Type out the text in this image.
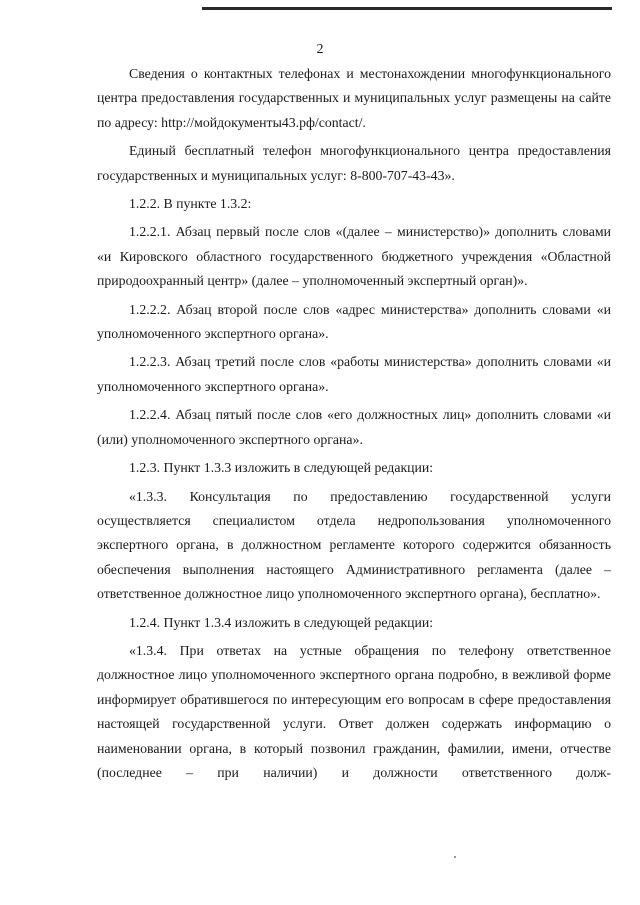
2

Сведения о контактных телефонах и местонахождении многофункционального центра предоставления государственных и муниципальных услуг размещены на сайте по адресу: http://мойдокументы43.рф/contact/.

Единый бесплатный телефон многофункционального центра предоставления государственных и муниципальных услуг: 8-800-707-43-43».

1.2.2. В пункте 1.3.2:

1.2.2.1. Абзац первый после слов «(далее – министерство)» дополнить словами «и Кировского областного государственного бюджетного учреждения «Областной природоохранный центр» (далее – уполномоченный экспертный орган)».

1.2.2.2. Абзац второй после слов «адрес министерства» дополнить словами «и уполномоченного экспертного органа».

1.2.2.3. Абзац третий после слов «работы министерства» дополнить словами «и уполномоченного экспертного органа».

1.2.2.4. Абзац пятый после слов «его должностных лиц» дополнить словами «и (или) уполномоченного экспертного органа».

1.2.3. Пункт 1.3.3 изложить в следующей редакции:

«1.3.3. Консультация по предоставлению государственной услуги осуществляется специалистом отдела недропользования уполномоченного экспертного органа, в должностном регламенте которого содержится обязанность обеспечения выполнения настоящего Административного регламента (далее – ответственное должностное лицо уполномоченного экспертного органа), бесплатно».

1.2.4. Пункт 1.3.4 изложить в следующей редакции:

«1.3.4. При ответах на устные обращения по телефону ответственное должностное лицо уполномоченного экспертного органа подробно, в вежливой форме информирует обратившегося по интересующим его вопросам в сфере предоставления настоящей государственной услуги. Ответ должен содержать информацию о наименовании органа, в который позвонил гражданин, фамилии, имени, отчестве (последнее – при наличии) и должности ответственного долж-
